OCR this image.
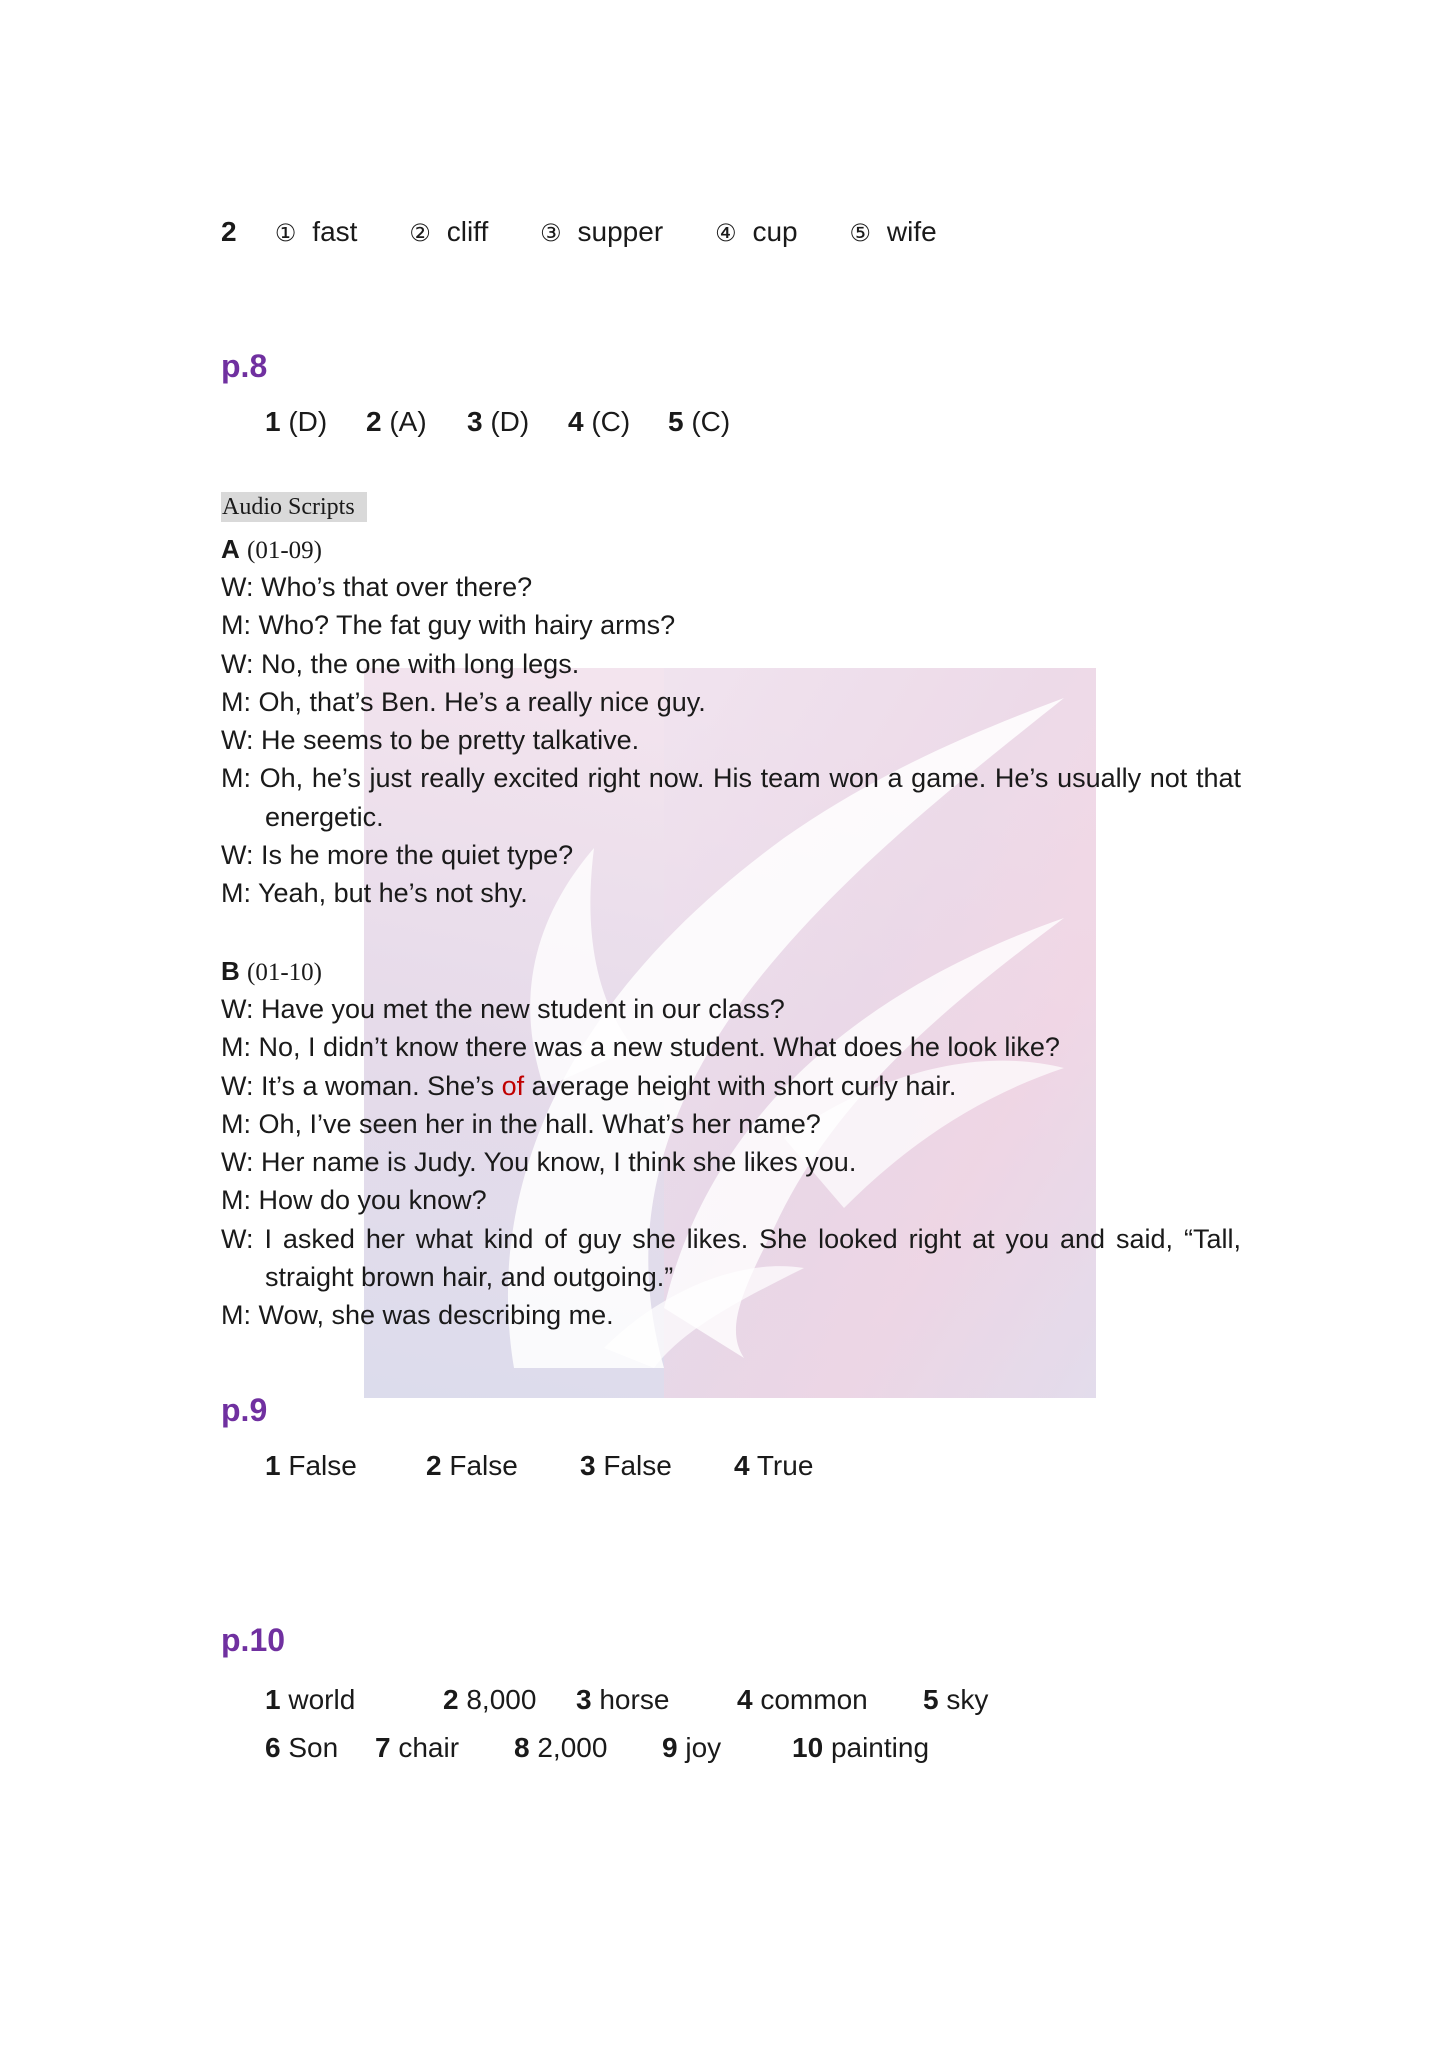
2 ① fast ② cliff ③ supper ④ cup ⑤ wife
p.8
1 (D) 2 (A) 3 (D) 4 (C) 5 (C)
Audio Scripts
A (01-09)
W: Who’s that over there?
M: Who? The fat guy with hairy arms?
W: No, the one with long legs.
M: Oh, that’s Ben. He’s a really nice guy.
W: He seems to be pretty talkative.
M: Oh, he’s just really excited right now. His team won a game. He’s usually not that energetic.
W: Is he more the quiet type?
M: Yeah, but he’s not shy.
B (01-10)
W: Have you met the new student in our class?
M: No, I didn’t know there was a new student. What does he look like?
W: It’s a woman. She’s of average height with short curly hair.
M: Oh, I’ve seen her in the hall. What’s her name?
W: Her name is Judy. You know, I think she likes you.
M: How do you know?
W: I asked her what kind of guy she likes. She looked right at you and said, “Tall, straight brown hair, and outgoing.”
M: Wow, she was describing me.
p.9
1 False 2 False 3 False 4 True
p.10
1 world	2 8,000 3 horse 4 common 5 sky
6 Son 7 chair 8 2,000 9 joy	10 painting
